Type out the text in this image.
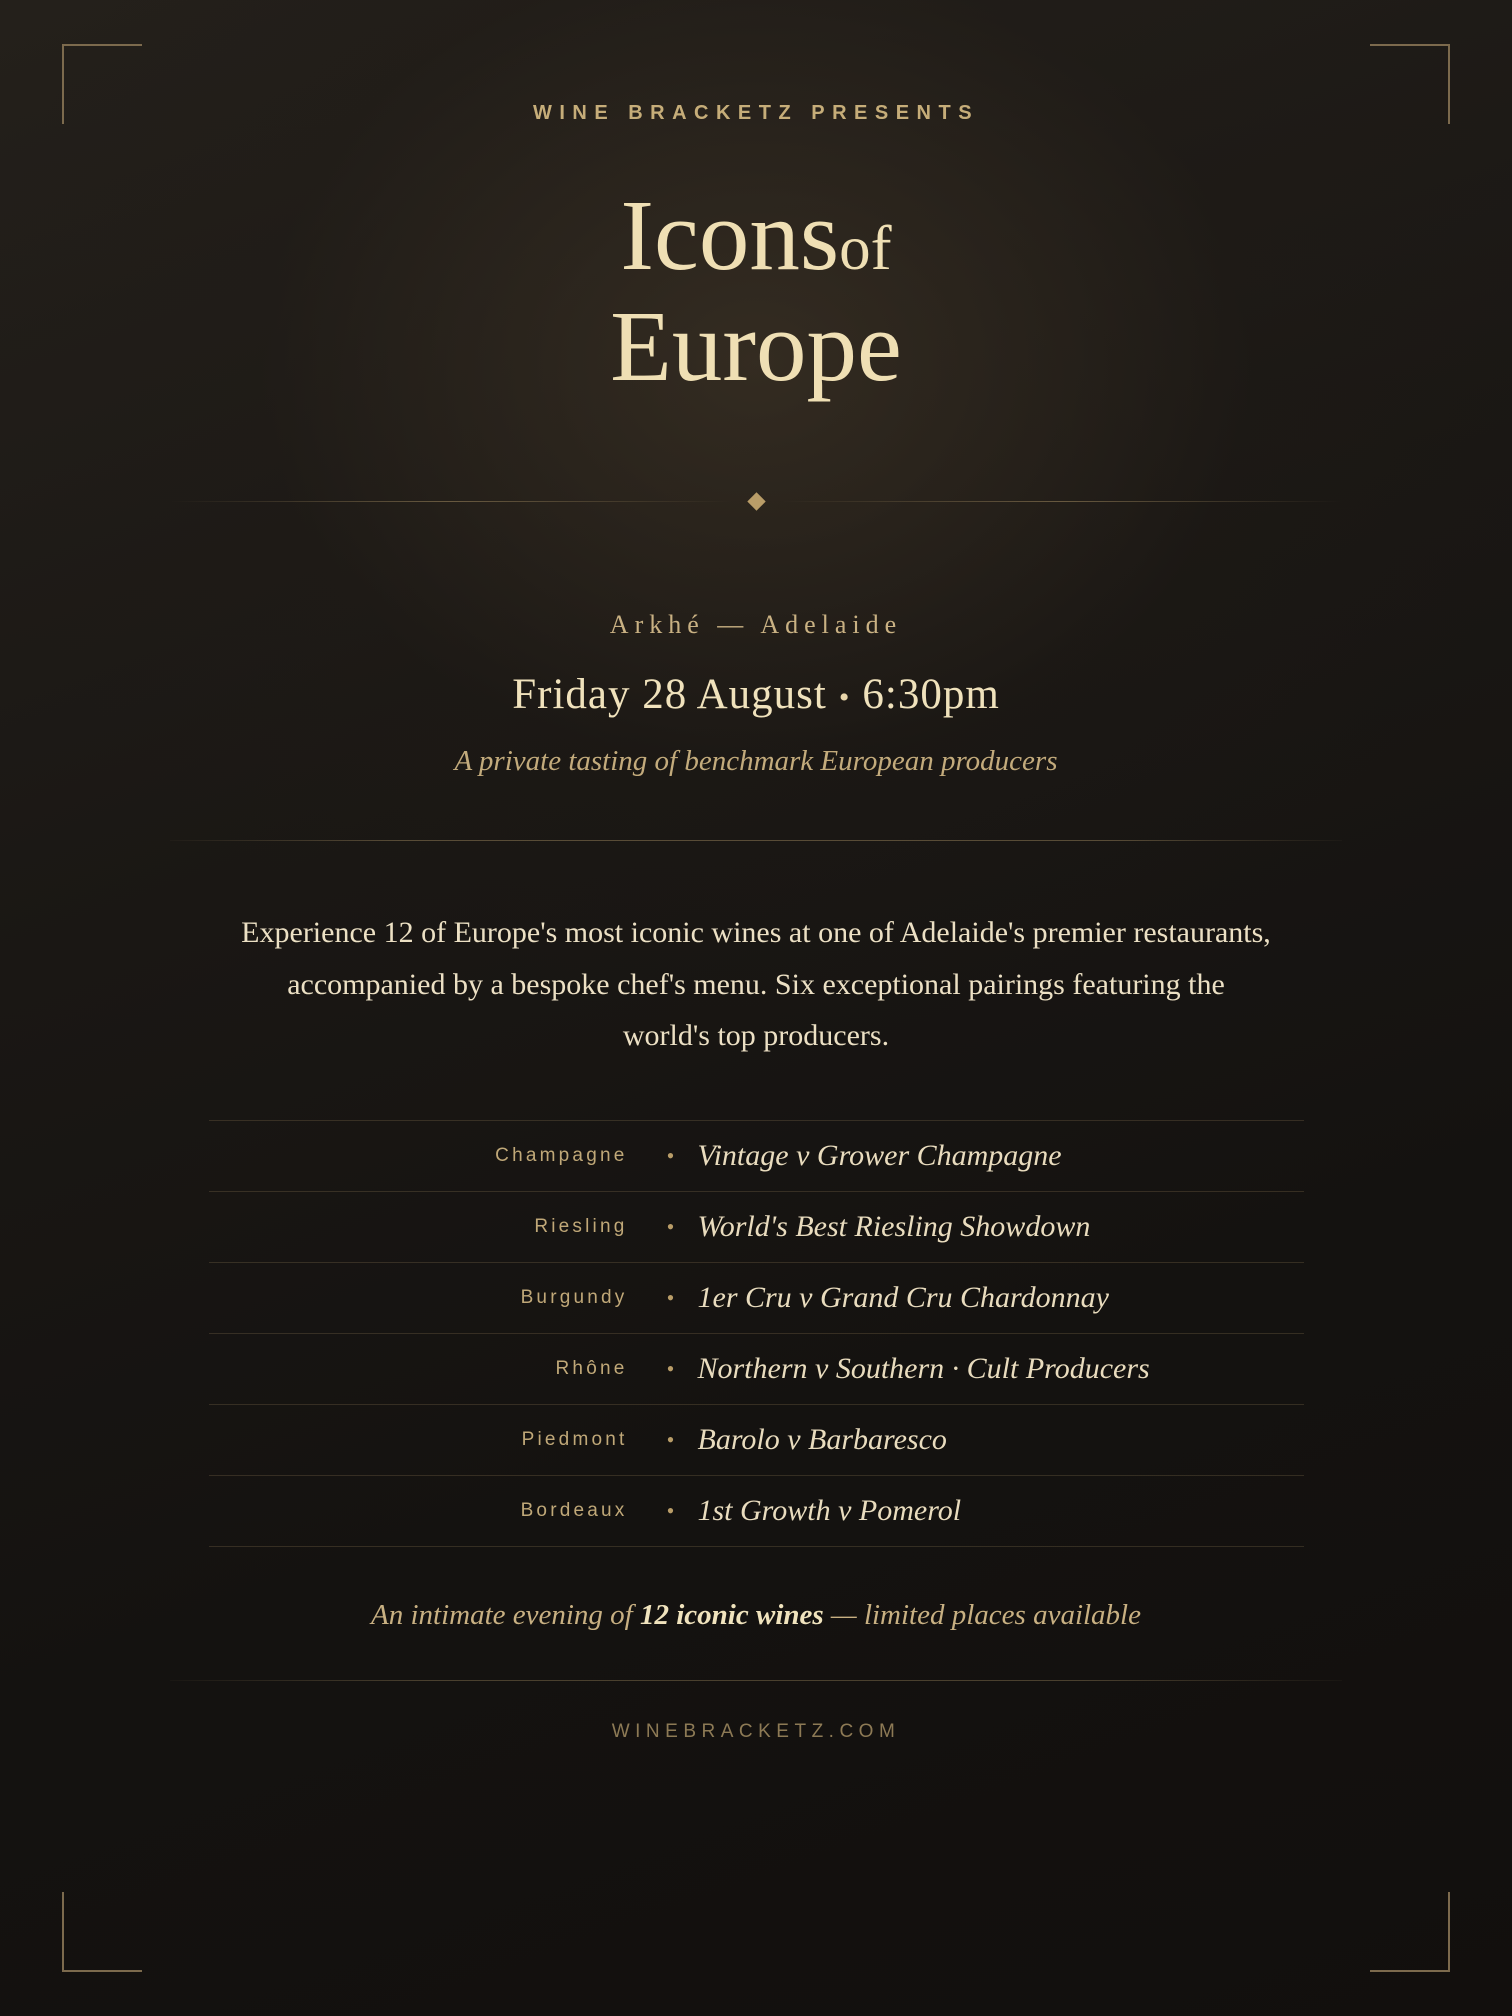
WINE BRACKETZ PRESENTS
Iconsof
Europe
Arkhé — Adelaide
Friday 28 August • 6:30pm
A private tasting of benchmark European producers
Experience 12 of Europe's most iconic wines at one of Adelaide's premier restaurants, accompanied by a bespoke chef's menu. Six exceptional pairings featuring the world's top producers.
Champagne	• Vintage v Grower Champagne
Riesling	• World's Best Riesling Showdown
Burgundy	• 1er Cru v Grand Cru Chardonnay
Rhône	• Northern v Southern · Cult Producers
Piedmont	• Barolo v Barbaresco
Bordeaux	• 1st Growth v Pomerol
An intimate evening of 12 iconic wines — limited places available
WINEBRACKETZ.COM
